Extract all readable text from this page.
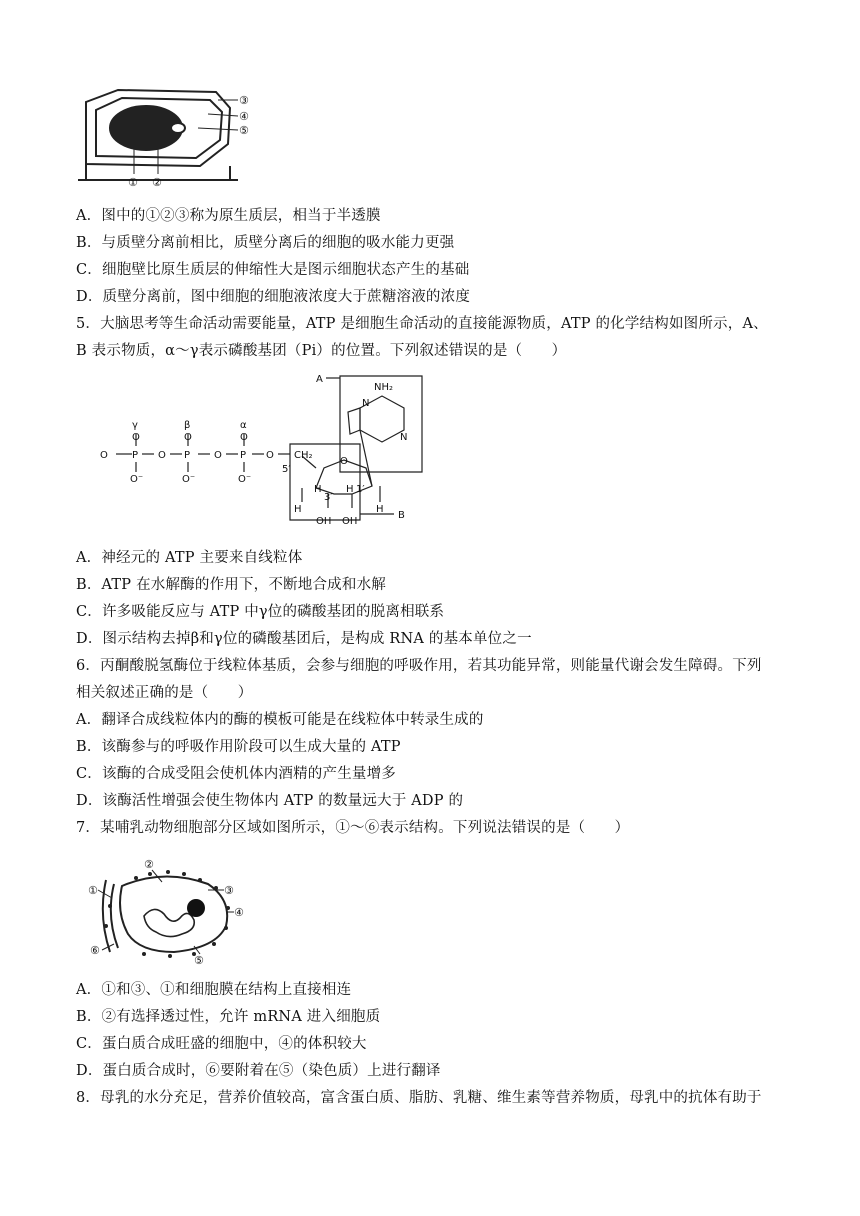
③
④
⑤
① ②
A．图中的①②③称为原生质层，相当于半透膜
B．与质壁分离前相比，质壁分离后的细胞的吸水能力更强
C．细胞壁比原生质层的伸缩性大是图示细胞状态产生的基础
D．质壁分离前，图中细胞的细胞液浓度大于蔗糖溶液的浓度
5．大脑思考等生命活动需要能量，ATP 是细胞生命活动的直接能源物质，ATP 的化学结构如图所示，A、
B 表示物质，α～γ表示磷酸基团（Pi）的位置。下列叙述错误的是（　　）
A
B
NH₂
N
N
γ	β	α
O P O P O P O CH₂
5′
O
O
O⁻
O
O⁻
O
O⁻
H
H
3′
H 1′
H
OH OH
A．神经元的 ATP 主要来自线粒体
B．ATP 在水解酶的作用下，不断地合成和水解
C．许多吸能反应与 ATP 中γ位的磷酸基团的脱离相联系
D．图示结构去掉β和γ位的磷酸基团后，是构成 RNA 的基本单位之一
6．丙酮酸脱氢酶位于线粒体基质，会参与细胞的呼吸作用，若其功能异常，则能量代谢会发生障碍。下列
相关叙述正确的是（　　）
A．翻译合成线粒体内的酶的模板可能是在线粒体中转录生成的
B．该酶参与的呼吸作用阶段可以生成大量的 ATP
C．该酶的合成受阻会使机体内酒精的产生量增多
D．该酶活性增强会使生物体内 ATP 的数量远大于 ADP 的
7．某哺乳动物细胞部分区域如图所示，①～⑥表示结构。下列说法错误的是（　　）
①
②
③
④
⑤
⑥
A．①和③、①和细胞膜在结构上直接相连
B．②有选择透过性，允许 mRNA 进入细胞质
C．蛋白质合成旺盛的细胞中，④的体积较大
D．蛋白质合成时，⑥要附着在⑤（染色质）上进行翻译
8．母乳的水分充足，营养价值较高，富含蛋白质、脂肪、乳糖、维生素等营养物质，母乳中的抗体有助于
